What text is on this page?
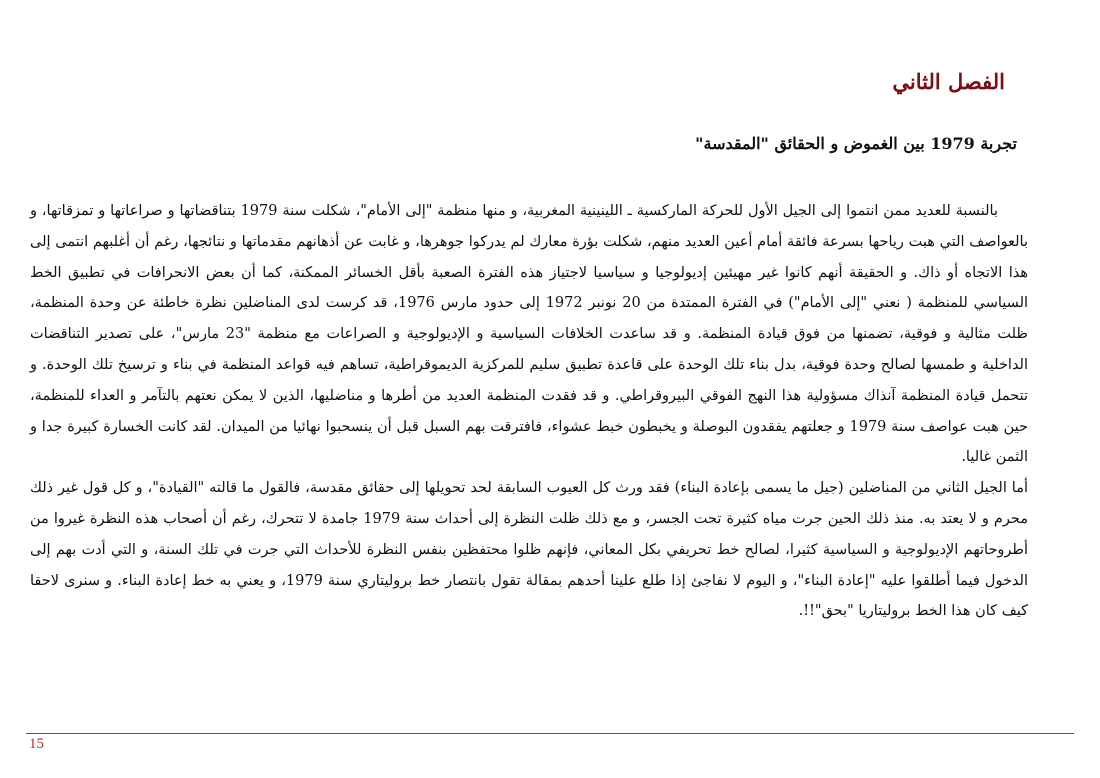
الفصل الثاني
تجربة 1979 بين الغموض و الحقائق "المقدسة"

بالنسبة للعديد ممن انتموا إلى الجيل الأول للحركة الماركسية ـ اللينينية المغربية، و منها منظمة "إلى الأمام"، شكلت سنة 1979 بتناقضاتها و صراعاتها و تمزقاتها، و بالعواصف التي هبت رياحها بسرعة فائقة أمام أعين العديد منهم، شكلت بؤرة معارك لم يدركوا جوهرها، و غابت عن أذهانهم مقدماتها و نتائجها، رغم أن أغلبهم انتمى إلى هذا الاتجاه أو ذاك. و الحقيقة أنهم كانوا غير مهيئين إديولوجيا و سياسيا لاجتياز هذه الفترة الصعبة بأقل الخسائر الممكنة، كما أن بعض الانحرافات في تطبيق الخط السياسي للمنظمة ( نعني "إلى الأمام") في الفترة الممتدة من 20 نونبر 1972 إلى حدود مارس 1976، قد كرست لدى المناضلين نظرة خاطئة عن وحدة المنظمة، ظلت مثالية و فوقية، تضمنها من فوق قيادة المنظمة. و قد ساعدت الخلافات السياسية و الإديولوجية و الصراعات مع منظمة "23 مارس"، على تصدير التناقضات الداخلية و طمسها لصالح وحدة فوقية، بدل بناء تلك الوحدة على قاعدة تطبيق سليم للمركزية الديموقراطية، تساهم فيه قواعد المنظمة في بناء و ترسيخ تلك الوحدة. و تتحمل قيادة المنظمة آنذاك مسؤولية هذا النهج الفوقي البيروقراطي. و قد فقدت المنظمة العديد من أطرها و مناضليها، الذين لا يمكن نعتهم بالتآمر و العداء للمنظمة، حين هبت عواصف سنة 1979 و جعلتهم يفقدون البوصلة و يخبطون خبط عشواء، فافترقت بهم السبل قبل أن ينسحبوا نهائيا من الميدان. لقد كانت الخسارة كبيرة جدا و الثمن غاليا.

أما الجيل الثاني من المناضلين (جيل ما يسمى بإعادة البناء) فقد ورث كل العيوب السابقة لحد تحويلها إلى حقائق مقدسة، فالقول ما قالته "القيادة"، و كل قول غير ذلك محرم و لا يعتد به. منذ ذلك الحين جرت مياه كثيرة تحت الجسر، و مع ذلك ظلت النظرة إلى أحداث سنة 1979 جامدة لا تتحرك، رغم أن أصحاب هذه النظرة غيروا من أطروحاتهم الإديولوجية و السياسية كثيرا، لصالح خط تحريفي بكل المعاني، فإنهم ظلوا محتفظين بنفس النظرة للأحداث التي جرت في تلك السنة، و التي أدت بهم إلى الدخول فيما أطلقوا عليه "إعادة البناء"، و اليوم لا نفاجئ إذا طلع علينا أحدهم بمقالة تقول بانتصار خط بروليتاري سنة 1979، و يعني به خط إعادة البناء. و سنرى لاحقا كيف كان هذا الخط بروليتاريا "بحق"!!.

15
